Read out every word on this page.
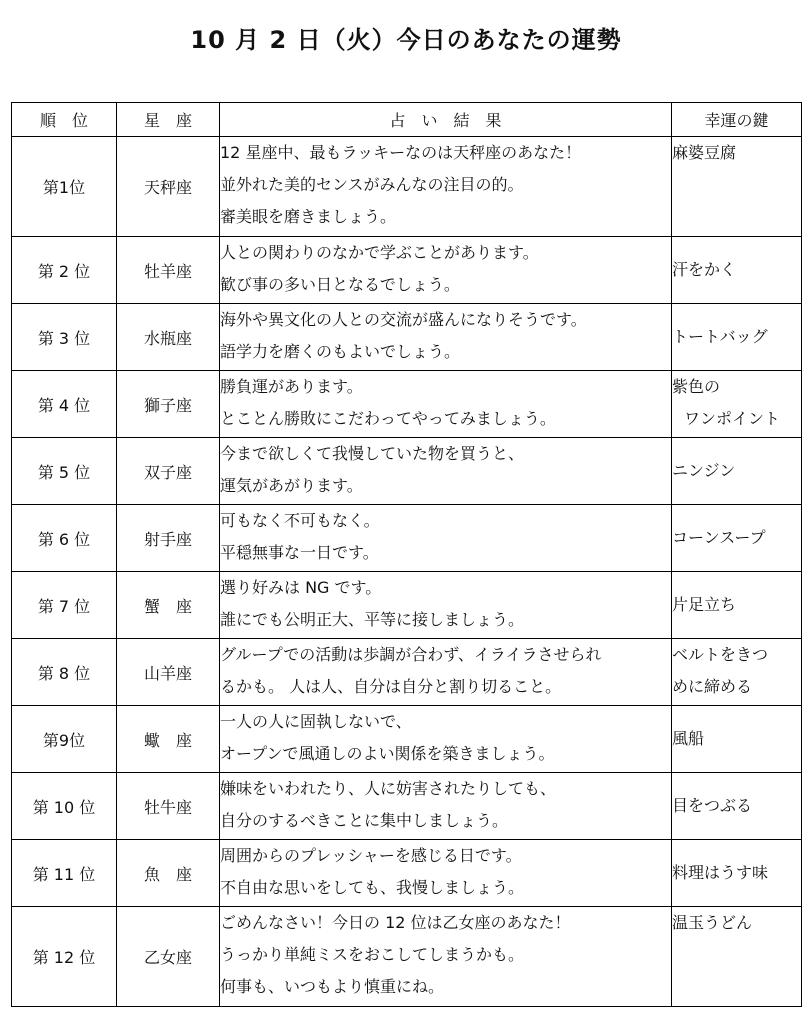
10 月 2 日（火）今日のあなたの運勢
順　位	星　座	占　い　結　果	幸運の鍵
第1位	天秤座	12 星座中、最もラッキーなのは天秤座のあなた！
並外れた美的センスがみんなの注目の的。
審美眼を磨きましょう。	麻婆豆腐

第 2 位	牡羊座	人との関わりのなかで学ぶことがあります。
歓び事の多い日となるでしょう。	汗をかく

第 3 位	水瓶座	海外や異文化の人との交流が盛んになりそうです。
語学力を磨くのもよいでしょう。	トートバッグ

第 4 位	獅子座	勝負運があります。
とことん勝敗にこだわってやってみましょう。	紫色の
ワンポイント

第 5 位	双子座	今まで欲しくて我慢していた物を買うと、
運気があがります。	ニンジン

第 6 位	射手座	可もなく不可もなく。
平穏無事な一日です。	コーンスープ

第 7 位	蟹　座	選り好みは NG です。
誰にでも公明正大、平等に接しましょう。	片足立ち

第 8 位	山羊座	グループでの活動は歩調が合わず、イライラさせられ
るかも。 人は人、自分は自分と割り切ること。	ベルトをきつ
めに締める

第9位	蠍　座	一人の人に固執しないで、
オープンで風通しのよい関係を築きましょう。	風船

第 10 位	牡牛座	嫌味をいわれたり、人に妨害されたりしても、
自分のするべきことに集中しましょう。	目をつぶる

第 11 位	魚　座	周囲からのプレッシャーを感じる日です。
不自由な思いをしても、我慢しましょう。	料理はうす味

第 12 位	乙女座	ごめんなさい！今日の 12 位は乙女座のあなた！
うっかり単純ミスをおこしてしまうかも。
何事も、いつもより慎重にね。	温玉うどん
